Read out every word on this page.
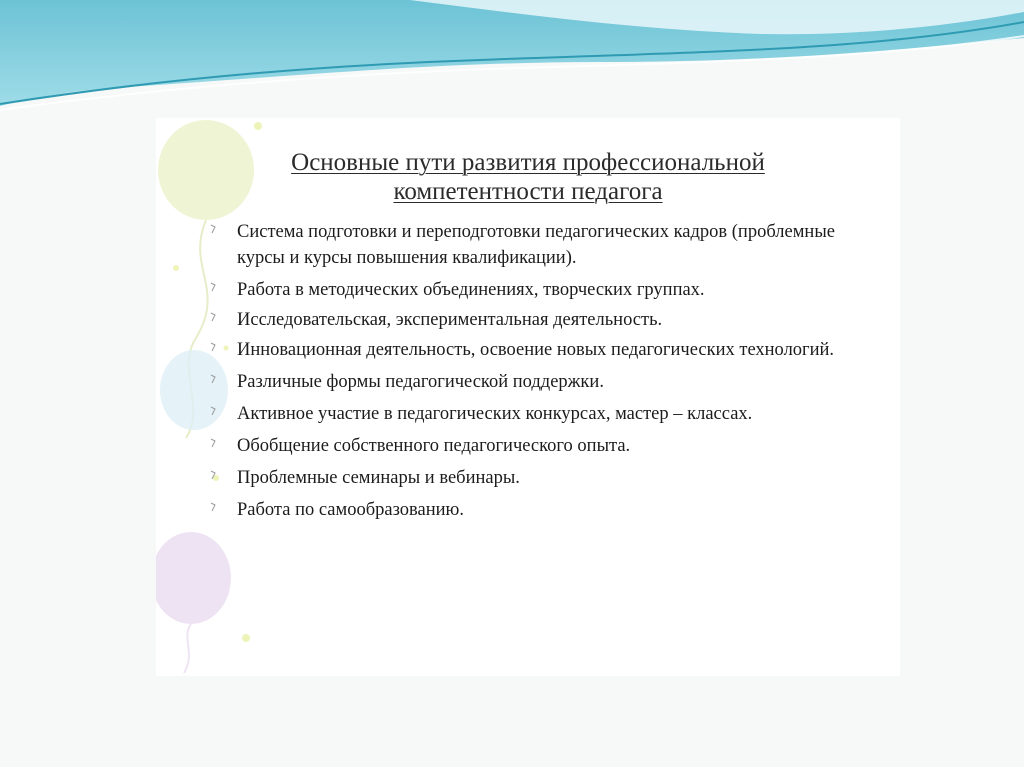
Основные пути развития профессиональной
компетентности педагога
Система подготовки и переподготовки педагогических кадров (проблемные курсы и курсы повышения квалификации).
Работа в методических объединениях, творческих группах.
Исследовательская, экспериментальная деятельность.
Инновационная деятельность, освоение новых педагогических технологий.
Различные формы педагогической поддержки.
Активное участие в педагогических конкурсах, мастер – классах.
Обобщение собственного педагогического опыта.
Проблемные семинары и вебинары.
Работа по самообразованию.
